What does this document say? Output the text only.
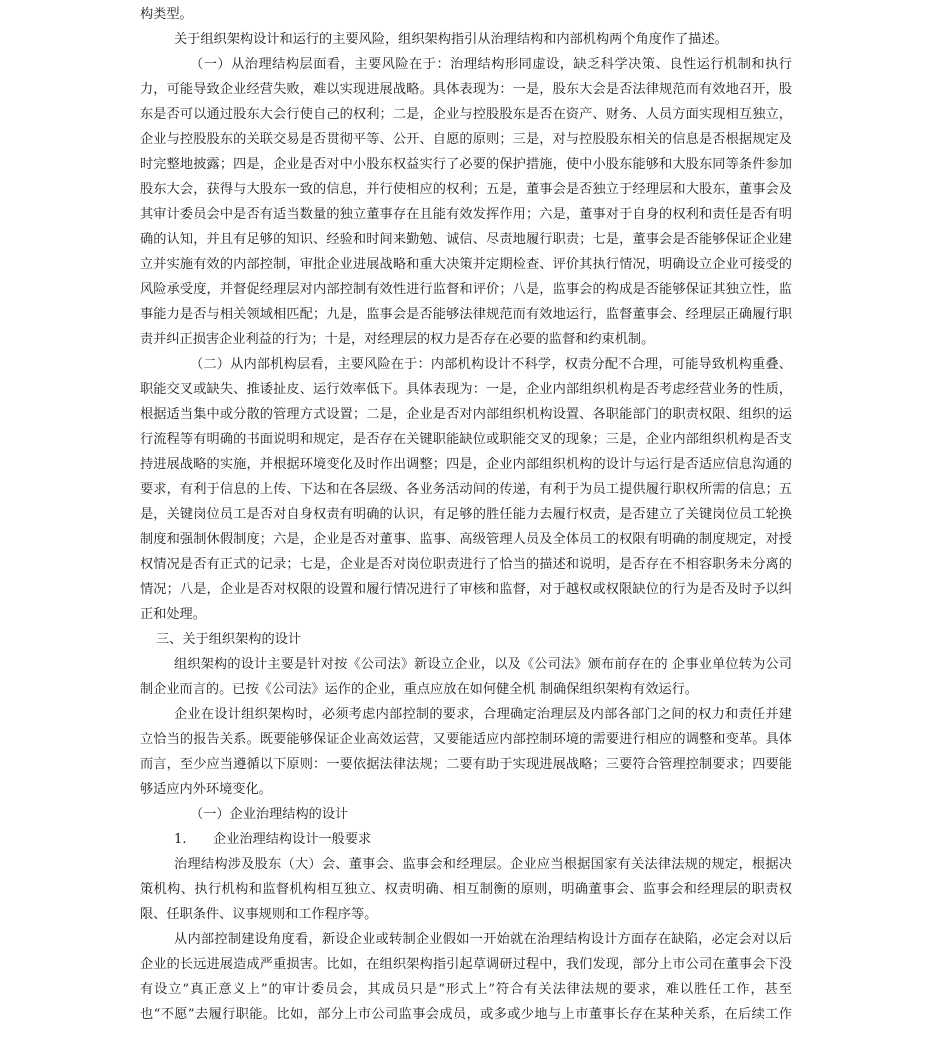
构类型。
关于组织架构设计和运行的主要风险，组织架构指引从治理结构和内部机构两个角度作了描述。
（一）从治理结构层面看，主要风险在于：治理结构形同虚设，缺乏科学决策、良性运行机制和执行
力，可能导致企业经营失败，难以实现进展战略。具体表现为：一是，股东大会是否法律规范而有效地召开，股
东是否可以通过股东大会行使自己的权利；二是，企业与控股股东是否在资产、财务、人员方面实现相互独立，
企业与控股股东的关联交易是否贯彻平等、公开、自愿的原则；三是，对与控股股东相关的信息是否根据规定及
时完整地披露；四是，企业是否对中小股东权益实行了必要的保护措施，使中小股东能够和大股东同等条件参加
股东大会，获得与大股东一致的信息，并行使相应的权利；五是，董事会是否独立于经理层和大股东，董事会及
其审计委员会中是否有适当数量的独立董事存在且能有效发挥作用；六是，董事对于自身的权利和责任是否有明
确的认知，并且有足够的知识、经验和时间来勤勉、诚信、尽责地履行职责；七是，董事会是否能够保证企业建
立并实施有效的内部控制，审批企业进展战略和重大决策并定期检查、评价其执行情况，明确设立企业可接受的
风险承受度，并督促经理层对内部控制有效性进行监督和评价；八是，监事会的构成是否能够保证其独立性，监
事能力是否与相关领域相匹配；九是，监事会是否能够法律规范而有效地运行，监督董事会、经理层正确履行职
责并纠正损害企业利益的行为；十是，对经理层的权力是否存在必要的监督和约束机制。
（二）从内部机构层看，主要风险在于：内部机构设计不科学，权责分配不合理，可能导致机构重叠、
职能交叉或缺失、推诿扯皮、运行效率低下。具体表现为：一是，企业内部组织机构是否考虑经营业务的性质，
根据适当集中或分散的管理方式设置；二是，企业是否对内部组织机构设置、各职能部门的职责权限、组织的运
行流程等有明确的书面说明和规定，是否存在关键职能缺位或职能交叉的现象；三是，企业内部组织机构是否支
持进展战略的实施，并根据环境变化及时作出调整；四是，企业内部组织机构的设计与运行是否适应信息沟通的
要求，有利于信息的上传、下达和在各层级、各业务活动间的传递，有利于为员工提供履行职权所需的信息；五
是，关键岗位员工是否对自身权责有明确的认识，有足够的胜任能力去履行权责，是否建立了关键岗位员工轮换
制度和强制休假制度；六是，企业是否对董事、监事、高级管理人员及全体员工的权限有明确的制度规定，对授
权情况是否有正式的记录；七是，企业是否对岗位职责进行了恰当的描述和说明，是否存在不相容职务未分离的
情况；八是，企业是否对权限的设置和履行情况进行了审核和监督，对于越权或权限缺位的行为是否及时予以纠
正和处理。
三、关于组织架构的设计
组织架构的设计主要是针对按《公司法》新设立企业，以及《公司法》颁布前存在的 企事业单位转为公司
制企业而言的。已按《公司法》运作的企业，重点应放在如何健全机 制确保组织架构有效运行。
企业在设计组织架构时，必须考虑内部控制的要求，合理确定治理层及内部各部门之间的权力和责任并建
立恰当的报告关系。既要能够保证企业高效运营，又要能适应内部控制环境的需要进行相应的调整和变革。具体
而言，至少应当遵循以下原则：一要依据法律法规；二要有助于实现进展战略；三要符合管理控制要求；四要能
够适应内外环境变化。
（一）企业治理结构的设计
1.　　企业治理结构设计一般要求
治理结构涉及股东（大）会、董事会、监事会和经理层。企业应当根据国家有关法律法规的规定，根据决
策机构、执行机构和监督机构相互独立、权责明确、相互制衡的原则，明确董事会、监事会和经理层的职责权
限、任职条件、议事规则和工作程序等。
从内部控制建设角度看，新设企业或转制企业假如一开始就在治理结构设计方面存在缺陷，必定会对以后
企业的长远进展造成严重损害。比如，在组织架构指引起草调研过程中，我们发现，部分上市公司在董事会下没
有设立“真正意义上”的审计委员会，其成员只是“形式上”符合有关法律法规的要求，难以胜任工作，甚至
也“不愿”去履行职能。比如，部分上市公司监事会成员，或多或少地与上市董事长存在某种关系，在后续工作
